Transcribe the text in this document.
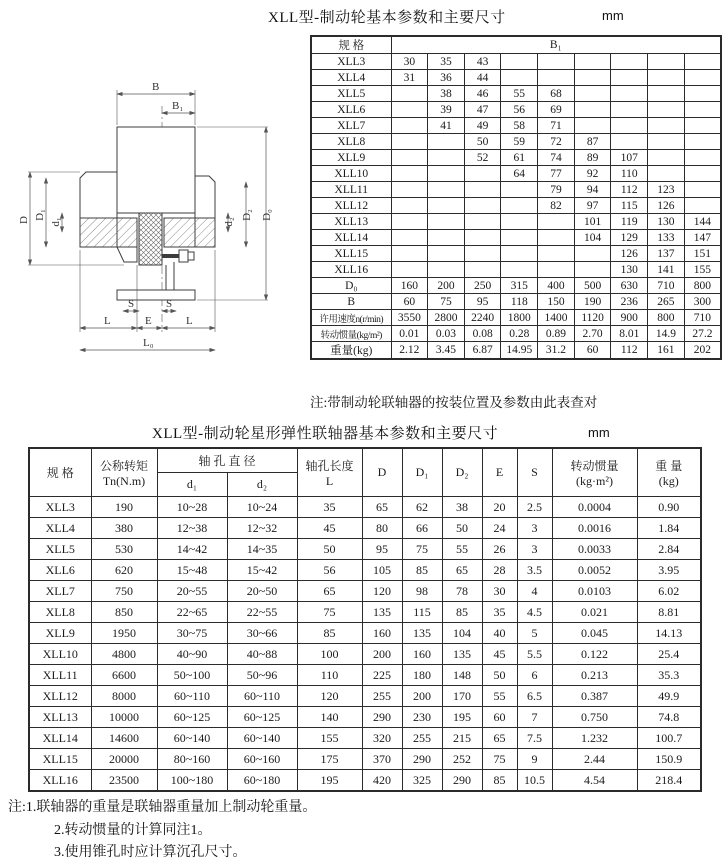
XLL型-制动轮基本参数和主要尺寸	mm
B
B₁
D D₁
d₁	d₂
D₂ D₀
S	S
L	E	L
L₀
规 格	B₁								
XLL3	30	35	43						
XLL4	31	36	44						
XLL5		38	46	55	68				
XLL6		39	47	56	69				
XLL7		41	49	58	71				
XLL8			50	59	72	87			
XLL9			52	61	74	89	107		
XLL10				64	77	92	110		
XLL11					79	94	112	123	
XLL12					82	97	115	126	
XLL13						101	119	130	144
XLL14						104	129	133	147
XLL15							126	137	151
XLL16							130	141	155
D₀	160	200	250	315	400	500	630	710	800
B	60	75	95	118	150	190	236	265	300
许用速度n(r/min)	3550	2800	2240	1800	1400	1120	900	800	710
转动惯量(kg/m²)	0.01	0.03	0.08	0.28	0.89	2.70	8.01	14.9	27.2
重量(kg)	2.12	3.45	6.87	14.95	31.2	60	112	161	202
注:带制动轮联轴器的按装位置及参数由此表查对
XLL型-制动轮星形弹性联轴器基本参数和主要尺寸	mm
规 格	公称转矩
Tn(N.m)	轴 孔 直 径		轴孔长度
L	D	D₁	D₂	E	S	转动惯量
(kg·m²)	重 量
(kg)
		d₁	d₂								
XLL3	190	10~28	10~24	35	65	62	38	20	2.5	0.0004	0.90
XLL4	380	12~38	12~32	45	80	66	50	24	3	0.0016	1.84
XLL5	530	14~42	14~35	50	95	75	55	26	3	0.0033	2.84
XLL6	620	15~48	15~42	56	105	85	65	28	3.5	0.0052	3.95
XLL7	750	20~55	20~50	65	120	98	78	30	4	0.0103	6.02
XLL8	850	22~65	22~55	75	135	115	85	35	4.5	0.021	8.81
XLL9	1950	30~75	30~66	85	160	135	104	40	5	0.045	14.13
XLL10	4800	40~90	40~88	100	200	160	135	45	5.5	0.122	25.4
XLL11	6600	50~100	50~96	110	225	180	148	50	6	0.213	35.3
XLL12	8000	60~110	60~110	120	255	200	170	55	6.5	0.387	49.9
XLL13	10000	60~125	60~125	140	290	230	195	60	7	0.750	74.8
XLL14	14600	60~140	60~140	155	320	255	215	65	7.5	1.232	100.7
XLL15	20000	80~160	60~160	175	370	290	252	75	9	2.44	150.9
XLL16	23500	100~180	60~180	195	420	325	290	85	10.5	4.54	218.4
注:1.联轴器的重量是联轴器重量加上制动轮重量。
2.转动惯量的计算同注1。
3.使用锥孔时应计算沉孔尺寸。
